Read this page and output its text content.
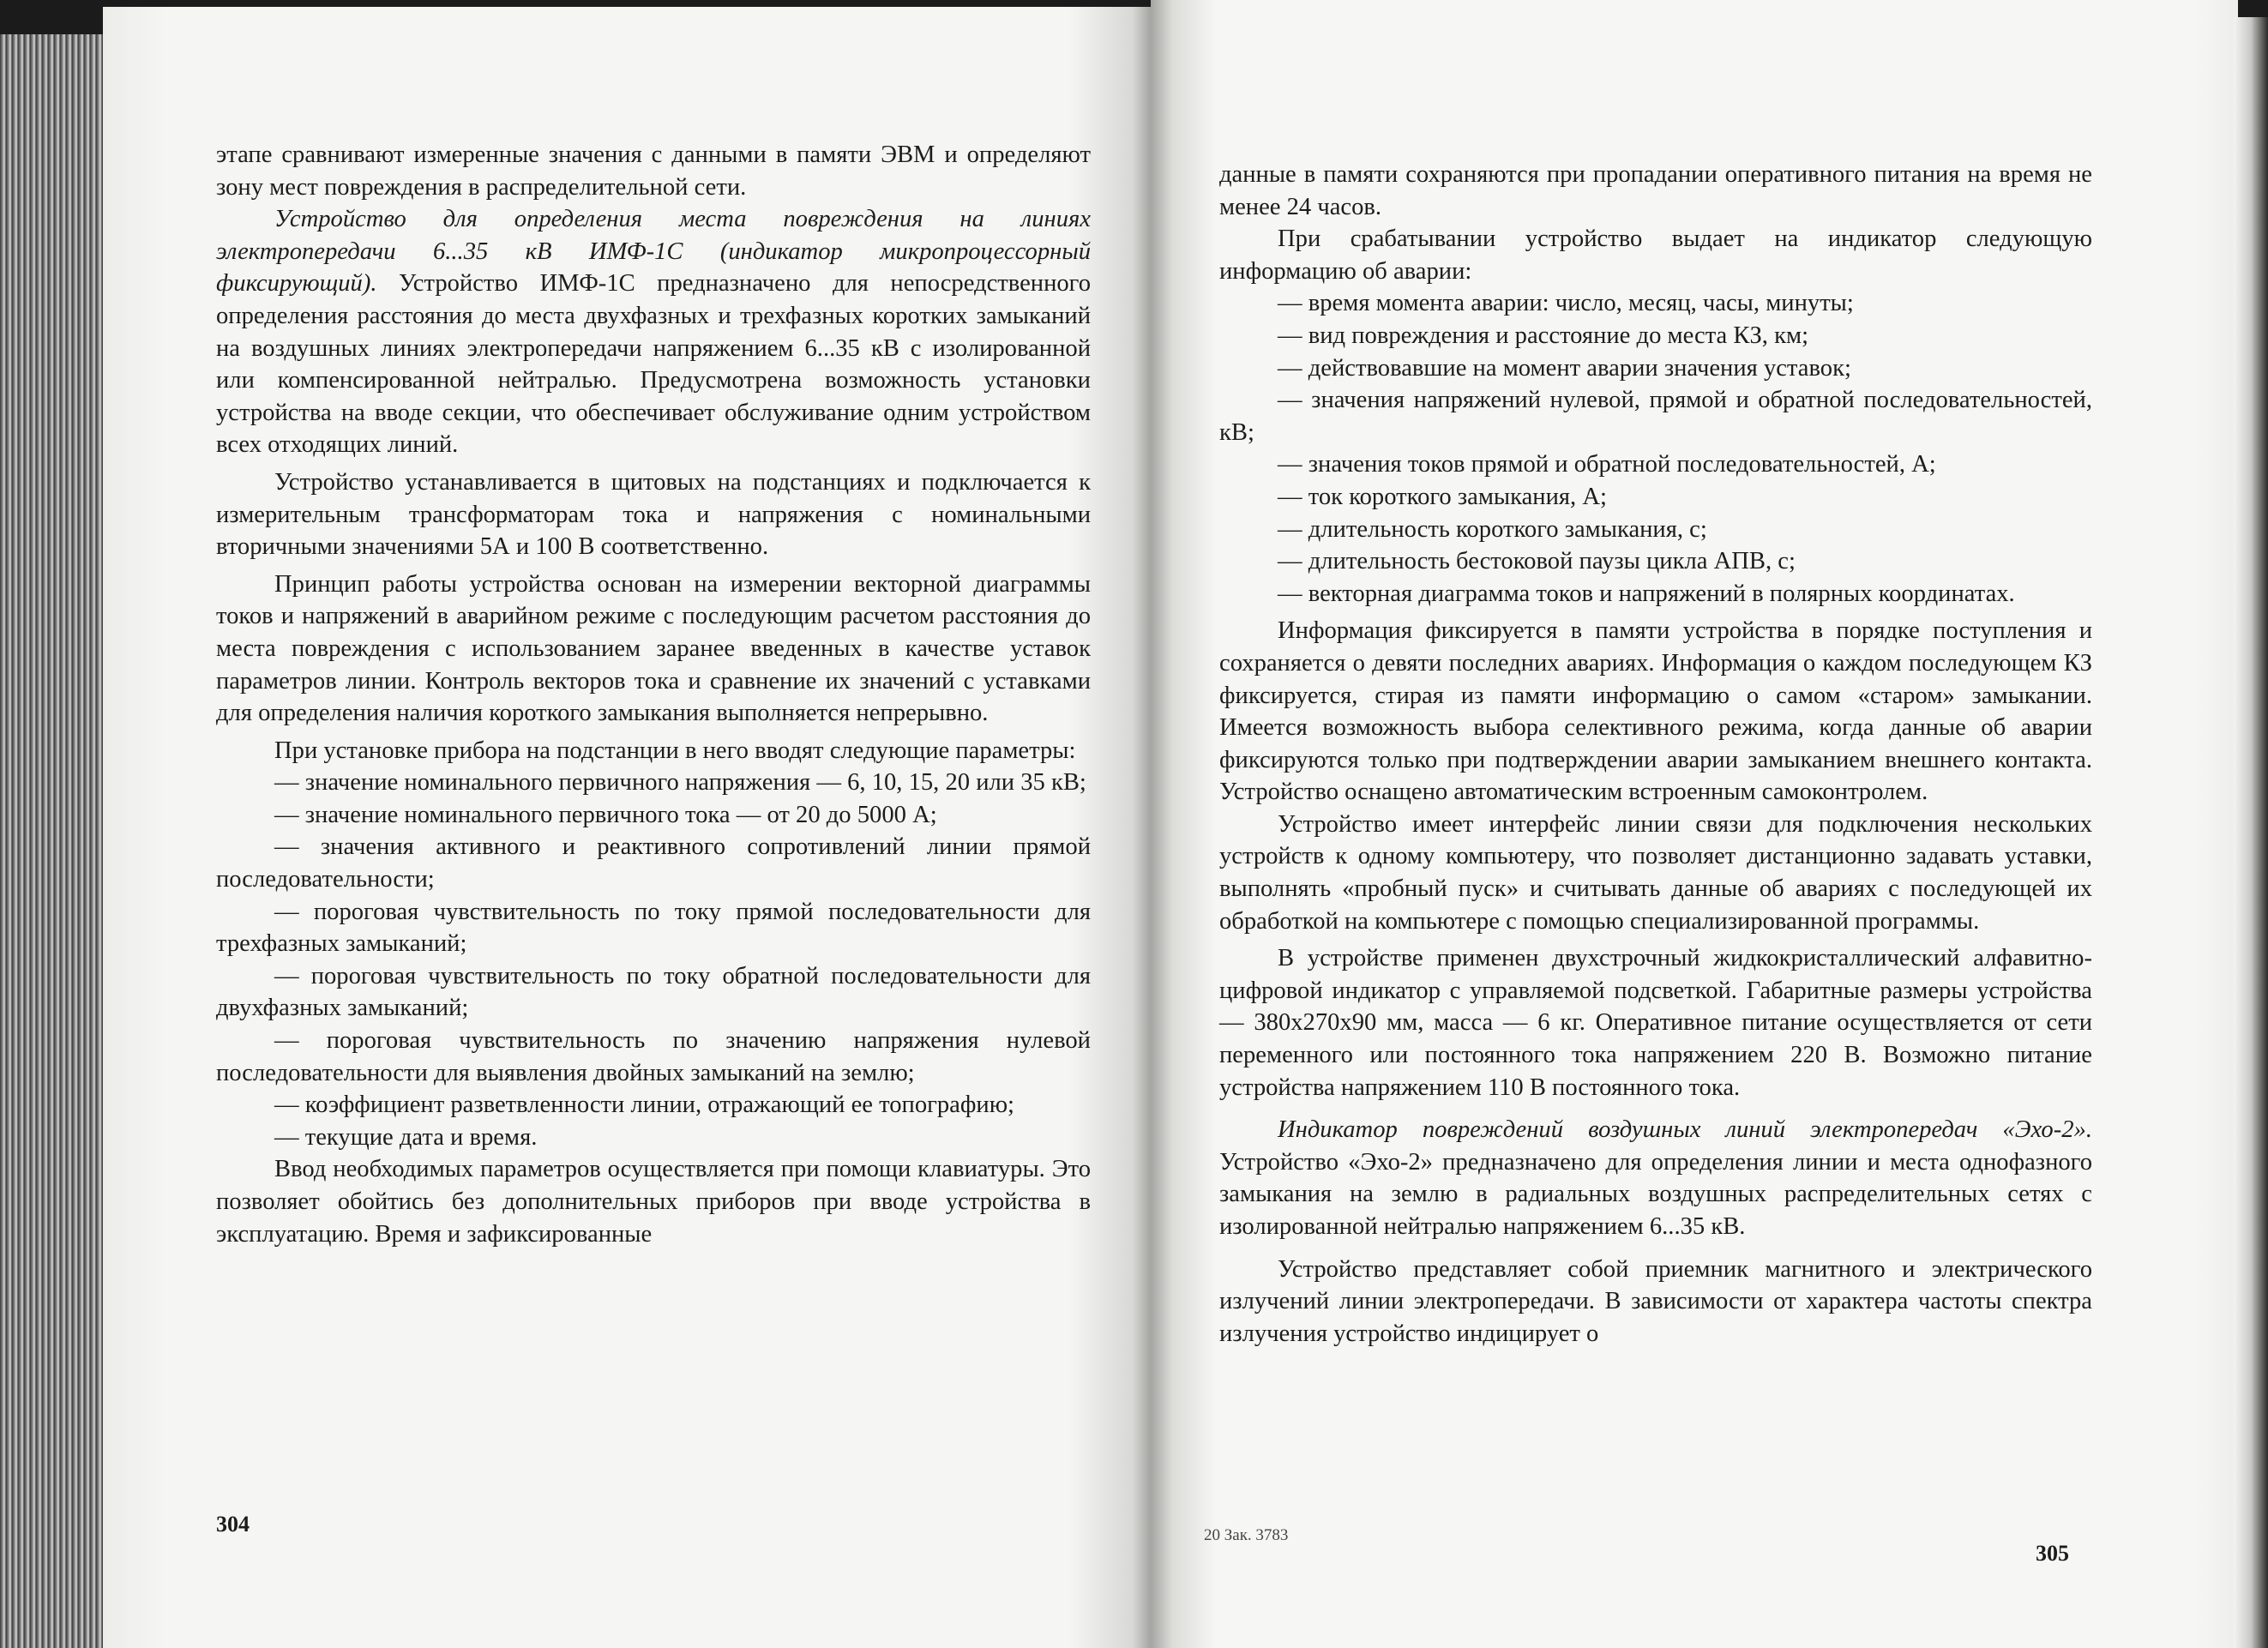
этапе сравнивают измеренные значения с данными в памяти ЭВМ и определяют зону мест повреждения в распределительной сети.

Устройство для определения места повреждения на линиях электропередачи 6...35 кВ ИМФ-1С (индикатор микропроцессорный фиксирующий). Устройство ИМФ-1С предназначено для непосредственного определения расстояния до места двухфазных и трехфазных коротких замыканий на воздушных линиях электропередачи напряжением 6...35 кВ с изолированной или компенсированной нейтралью. Предусмотрена возможность установки устройства на вводе секции, что обеспечивает обслуживание одним устройством всех отходящих линий.

Устройство устанавливается в щитовых на подстанциях и подключается к измерительным трансформаторам тока и напряжения с номинальными вторичными значениями 5А и 100 В соответственно.

Принцип работы устройства основан на измерении векторной диаграммы токов и напряжений в аварийном режиме с последующим расчетом расстояния до места повреждения с использованием заранее введенных в качестве уставок параметров линии. Контроль векторов тока и сравнение их значений с уставками для определения наличия короткого замыкания выполняется непрерывно.

При установке прибора на подстанции в него вводят следующие параметры:

— значение номинального первичного напряжения — 6, 10, 15, 20 или 35 кВ;

— значение номинального первичного тока — от 20 до 5000 А;

— значения активного и реактивного сопротивлений линии прямой последовательности;

— пороговая чувствительность по току прямой последовательности для трехфазных замыканий;

— пороговая чувствительность по току обратной последовательности для двухфазных замыканий;

— пороговая чувствительность по значению напряжения нулевой последовательности для выявления двойных замыканий на землю;

— коэффициент разветвленности линии, отражающий ее топографию;

— текущие дата и время.

Ввод необходимых параметров осуществляется при помощи клавиатуры. Это позволяет обойтись без дополнительных приборов при вводе устройства в эксплуатацию. Время и зафиксированные

304

данные в памяти сохраняются при пропадании оперативного питания на время не менее 24 часов.

При срабатывании устройство выдает на индикатор следующую информацию об аварии:

— время момента аварии: число, месяц, часы, минуты;

— вид повреждения и расстояние до места КЗ, км;

— действовавшие на момент аварии значения уставок;

— значения напряжений нулевой, прямой и обратной последовательностей, кВ;

— значения токов прямой и обратной последовательностей, А;

— ток короткого замыкания, А;

— длительность короткого замыкания, с;

— длительность бестоковой паузы цикла АПВ, с;

— векторная диаграмма токов и напряжений в полярных координатах.

Информация фиксируется в памяти устройства в порядке поступления и сохраняется о девяти последних авариях. Информация о каждом последующем КЗ фиксируется, стирая из памяти информацию о самом «старом» замыкании. Имеется возможность выбора селективного режима, когда данные об аварии фиксируются только при подтверждении аварии замыканием внешнего контакта. Устройство оснащено автоматическим встроенным самоконтролем.

Устройство имеет интерфейс линии связи для подключения нескольких устройств к одному компьютеру, что позволяет дистанционно задавать уставки, выполнять «пробный пуск» и считывать данные об авариях с последующей их обработкой на компьютере с помощью специализированной программы.

В устройстве применен двухстрочный жидкокристаллический алфавитно-цифровой индикатор с управляемой подсветкой. Габаритные размеры устройства — 380x270x90 мм, масса — 6 кг. Оперативное питание осуществляется от сети переменного или постоянного тока напряжением 220 В. Возможно питание устройства напряжением 110 В постоянного тока.

Индикатор повреждений воздушных линий электропередач «Эхо-2». Устройство «Эхо-2» предназначено для определения линии и места однофазного замыкания на землю в радиальных воздушных распределительных сетях с изолированной нейтралью напряжением 6...35 кВ.

Устройство представляет собой приемник магнитного и электрического излучений линии электропередачи. В зависимости от характера частоты спектра излучения устройство индицирует о

20 Зак. 3783
305
